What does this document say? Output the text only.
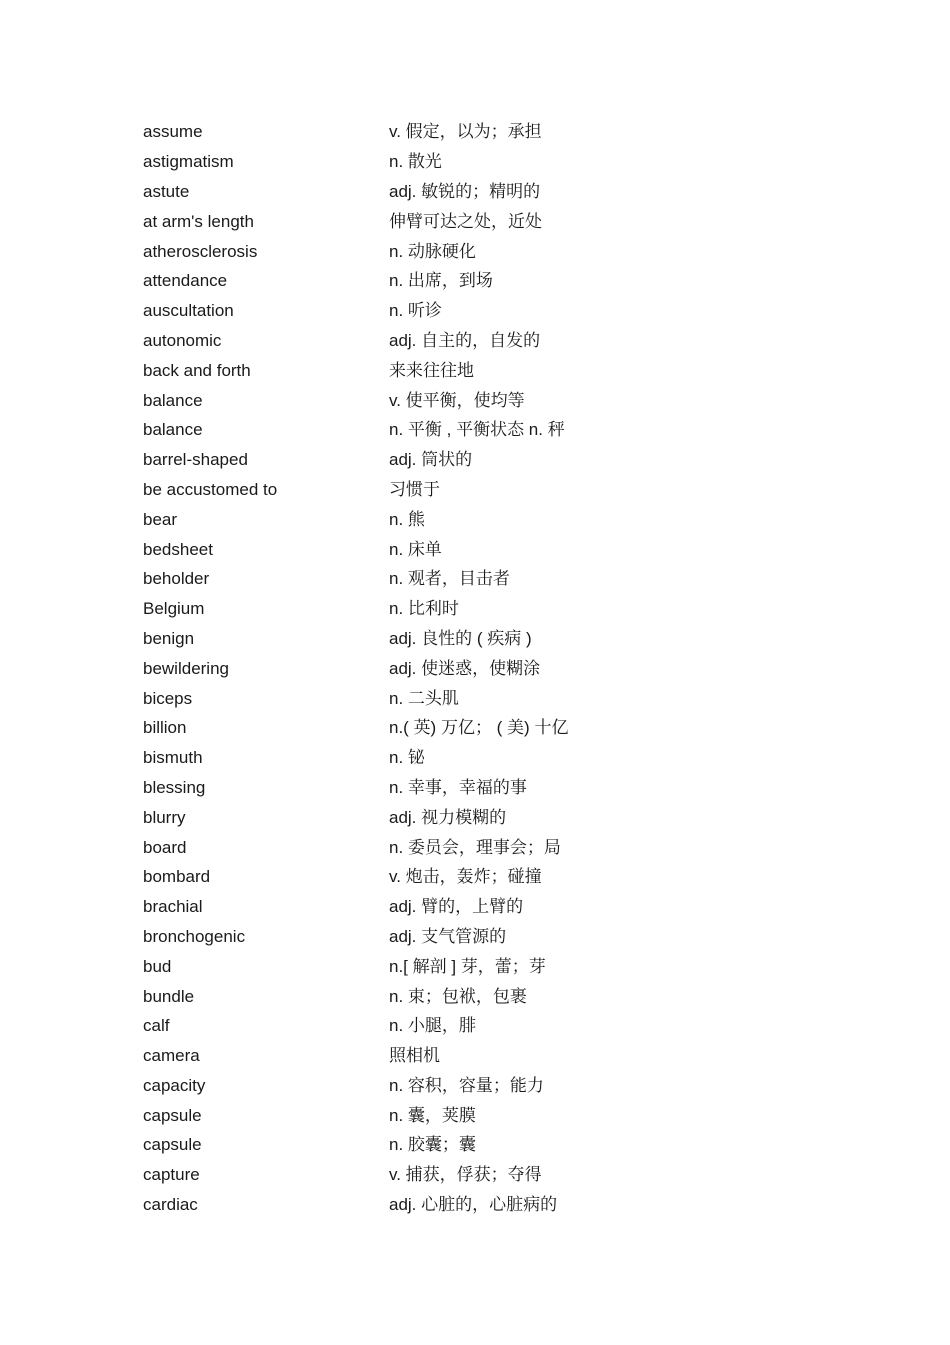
assume	v. 假定，以为；承担
astigmatism	n. 散光
astute	adj. 敏锐的；精明的
at arm's length	伸臂可达之处，近处
atherosclerosis	n. 动脉硬化
attendance	n. 出席，到场
auscultation	n. 听诊
autonomic	adj. 自主的，自发的
back and forth	来来往往地
balance	v. 使平衡，使均等
balance	n. 平衡 , 平衡状态 n. 秤
barrel-shaped	adj. 筒状的
be accustomed to	习惯于
bear	n. 熊
bedsheet	n. 床单
beholder	n. 观者，目击者
Belgium	n. 比利时
benign	adj. 良性的 ( 疾病 )
bewildering	adj. 使迷惑，使糊涂
biceps	n. 二头肌
billion	n.( 英) 万亿； ( 美) 十亿
bismuth	n. 铋
blessing	n. 幸事，幸福的事
blurry	adj. 视力模糊的
board	n. 委员会，理事会；局
bombard	v. 炮击，轰炸；碰撞
brachial	adj. 臂的，上臂的
bronchogenic	adj. 支气管源的
bud	n.[ 解剖 ] 芽，蕾；芽
bundle	n. 束；包袱，包裹
calf	n. 小腿，腓
camera	照相机
capacity	n. 容积，容量；能力
capsule	n. 囊，荚膜
capsule	n. 胶囊；囊
capture	v. 捕获，俘获；夺得
cardiac	adj. 心脏的，心脏病的
